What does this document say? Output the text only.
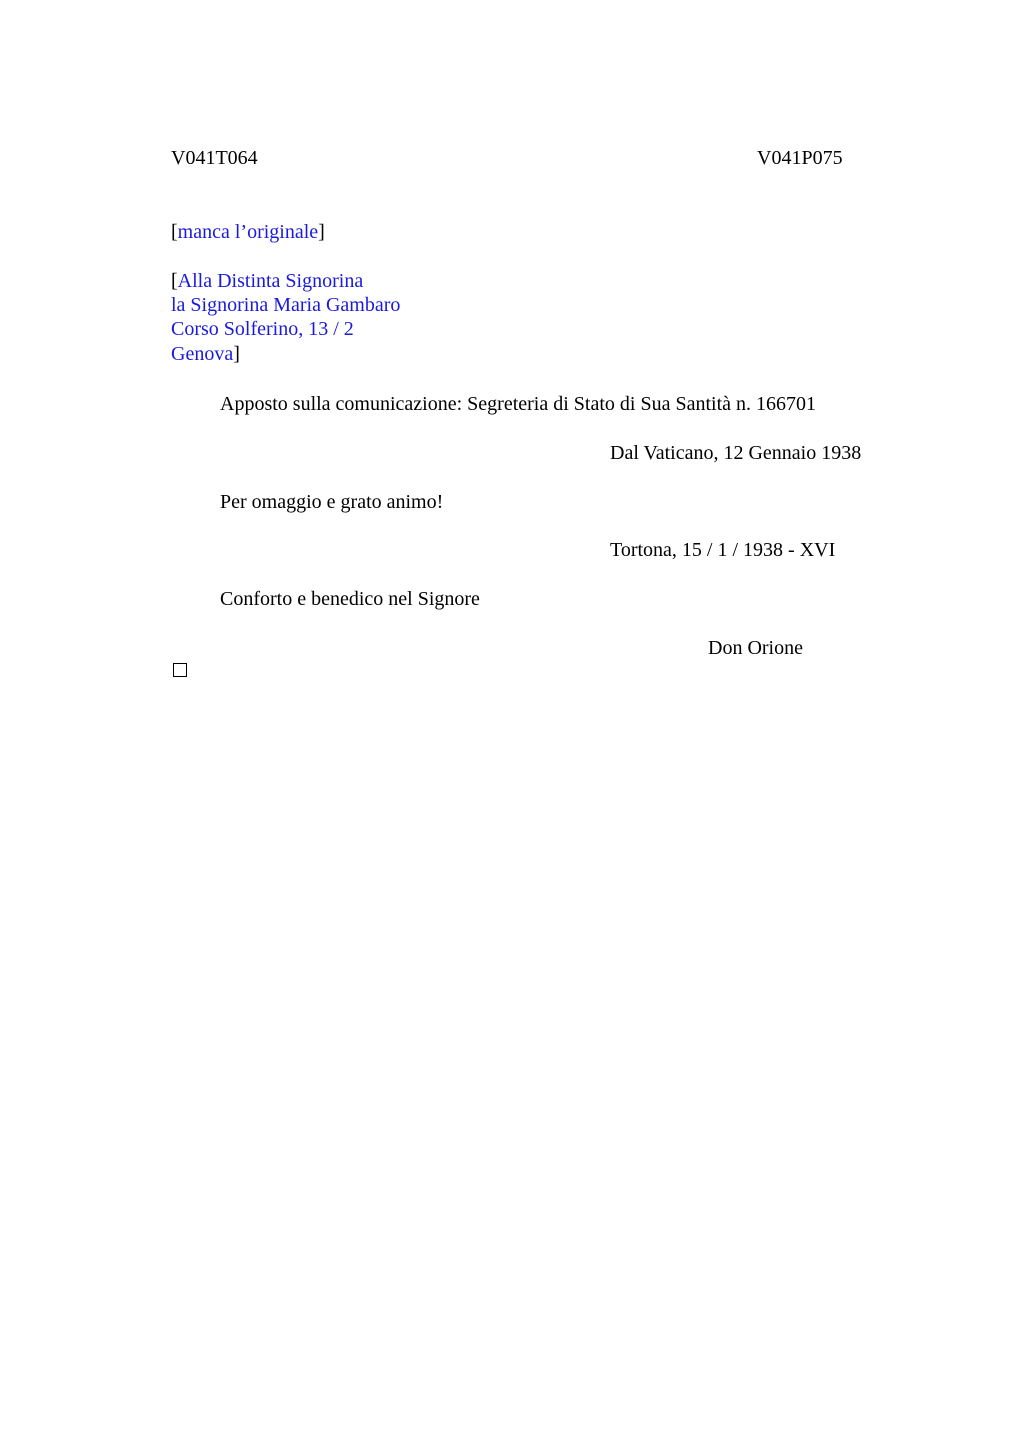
V041T064	V041P075
[manca l’originale]
[Alla Distinta Signorina
la Signorina Maria Gambaro
Corso Solferino, 13 / 2
Genova]
Apposto sulla comunicazione: Segreteria di Stato di Sua Santità n. 166701
Dal Vaticano, 12 Gennaio 1938
Per omaggio e grato animo!
Tortona, 15 / 1 / 1938 - XVI
Conforto e benedico nel Signore
Don Orione
